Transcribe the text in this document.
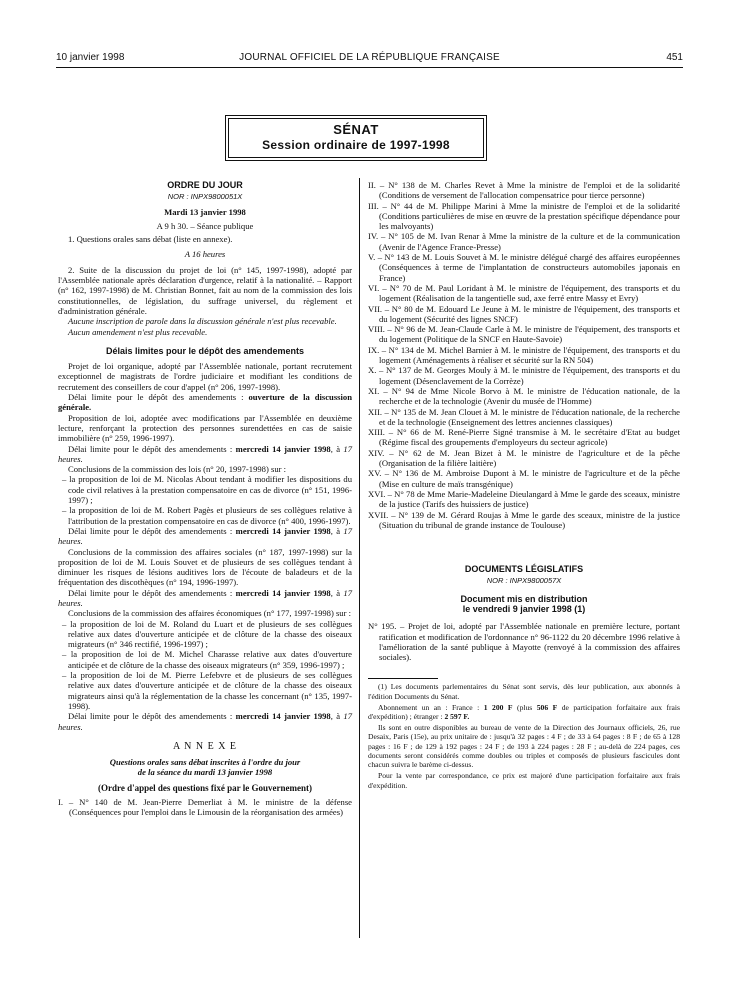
10 janvier 1998	JOURNAL OFFICIEL DE LA RÉPUBLIQUE FRANÇAISE	451
SÉNAT
Session ordinaire de 1997-1998

ORDRE DU JOUR

NOR : INPX9800051X

Mardi 13 janvier 1998

A 9 h 30. – Séance publique

1. Questions orales sans débat (liste en annexe).

A 16 heures

2. Suite de la discussion du projet de loi (n° 145, 1997-1998), adopté par l'Assemblée nationale après déclaration d'urgence, relatif à la nationalité. – Rapport (n° 162, 1997-1998) de M. Christian Bonnet, fait au nom de la commission des lois constitutionnelles, de législation, du suffrage universel, du règlement et d'administration générale.

Aucune inscription de parole dans la discussion générale n'est plus recevable.

Aucun amendement n'est plus recevable.

Délais limites pour le dépôt des amendements

Projet de loi organique, adopté par l'Assemblée nationale, portant recrutement exceptionnel de magistrats de l'ordre judiciaire et modifiant les conditions de recrutement des conseillers de cour d'appel (n° 206, 1997-1998).

Délai limite pour le dépôt des amendements : ouverture de la discussion générale.

Proposition de loi, adoptée avec modifications par l'Assemblée en deuxième lecture, renforçant la protection des personnes surendettées en cas de saisie immobilière (n° 259, 1996-1997).

Délai limite pour le dépôt des amendements : mercredi 14 janvier 1998, à 17 heures.

Conclusions de la commission des lois (n° 20, 1997-1998) sur :

– la proposition de loi de M. Nicolas About tendant à modifier les dispositions du code civil relatives à la prestation compensatoire en cas de divorce (n° 151, 1996-1997) ;

– la proposition de loi de M. Robert Pagès et plusieurs de ses collègues relative à l'attribution de la prestation compensatoire en cas de divorce (n° 400, 1996-1997).

Délai limite pour le dépôt des amendements : mercredi 14 janvier 1998, à 17 heures.

Conclusions de la commission des affaires sociales (n° 187, 1997-1998) sur la proposition de loi de M. Louis Souvet et de plusieurs de ses collègues tendant à diminuer les risques de lésions auditives lors de l'écoute de baladeurs et de la fréquentation des discothèques (n° 194, 1996-1997).

Délai limite pour le dépôt des amendements : mercredi 14 janvier 1998, à 17 heures.

Conclusions de la commission des affaires économiques (n° 177, 1997-1998) sur :

– la proposition de loi de M. Roland du Luart et de plusieurs de ses collègues relative aux dates d'ouverture anticipée et de clôture de la chasse des oiseaux migrateurs (n° 346 rectifié, 1996-1997) ;

– la proposition de loi de M. Michel Charasse relative aux dates d'ouverture anticipée et de clôture de la chasse des oiseaux migrateurs (n° 359, 1996-1997) ;

– la proposition de loi de M. Pierre Lefebvre et de plusieurs de ses collègues relative aux dates d'ouverture anticipée et de clôture de la chasse des oiseaux migrateurs ainsi qu'à la réglementation de la chasse les concernant (n° 135, 1997-1998).

Délai limite pour le dépôt des amendements : mercredi 14 janvier 1998, à 17 heures.

A N N E X E

Questions orales sans débat inscrites à l'ordre du jour

de la séance du mardi 13 janvier 1998

(Ordre d'appel des questions fixé par le Gouvernement)

I. – N° 140 de M. Jean-Pierre Demerliat à M. le ministre de la défense (Conséquences pour l'emploi dans le Limousin de la réorganisation des armées)

II. – N° 138 de M. Charles Revet à Mme la ministre de l'emploi et de la solidarité (Conditions de versement de l'allocation compensatrice pour tierce personne)

III. – N° 44 de M. Philippe Marini à Mme la ministre de l'emploi et de la solidarité (Conditions particulières de mise en œuvre de la prestation spécifique dépendance pour les malvoyants)

IV. – N° 105 de M. Ivan Renar à Mme la ministre de la culture et de la communication (Avenir de l'Agence France-Presse)

V. – N° 143 de M. Louis Souvet à M. le ministre délégué chargé des affaires européennes (Conséquences à terme de l'implantation de constructeurs automobiles japonais en France)

VI. – N° 70 de M. Paul Loridant à M. le ministre de l'équipement, des transports et du logement (Réalisation de la tangentielle sud, axe ferré entre Massy et Evry)

VII. – N° 80 de M. Edouard Le Jeune à M. le ministre de l'équipement, des transports et du logement (Sécurité des lignes SNCF)

VIII. – N° 96 de M. Jean-Claude Carle à M. le ministre de l'équipement, des transports et du logement (Politique de la SNCF en Haute-Savoie)

IX. – N° 134 de M. Michel Barnier à M. le ministre de l'équipement, des transports et du logement (Aménagements à réaliser et sécurité sur la RN 504)

X. – N° 137 de M. Georges Mouly à M. le ministre de l'équipement, des transports et du logement (Désenclavement de la Corrèze)

XI. – N° 94 de Mme Nicole Borvo à M. le ministre de l'éducation nationale, de la recherche et de la technologie (Avenir du musée de l'Homme)

XII. – N° 135 de M. Jean Clouet à M. le ministre de l'éducation nationale, de la recherche et de la technologie (Enseignement des lettres anciennes classiques)

XIII. – N° 66 de M. René-Pierre Signé transmise à M. le secrétaire d'Etat au budget (Régime fiscal des groupements d'employeurs du secteur agricole)

XIV. – N° 62 de M. Jean Bizet à M. le ministre de l'agriculture et de la pêche (Organisation de la filière laitière)

XV. – N° 136 de M. Ambroise Dupont à M. le ministre de l'agriculture et de la pêche (Mise en culture de maïs transgénique)

XVI. – N° 78 de Mme Marie-Madeleine Dieulangard à Mme le garde des sceaux, ministre de la justice (Tarifs des huissiers de justice)

XVII. – N° 139 de M. Gérard Roujas à Mme le garde des sceaux, ministre de la justice (Situation du tribunal de grande instance de Toulouse)

DOCUMENTS LÉGISLATIFS

NOR : INPX9800057X

Document mis en distribution

le vendredi 9 janvier 1998 (1)

N° 195. – Projet de loi, adopté par l'Assemblée nationale en première lecture, portant ratification et modification de l'ordonnance n° 96-1122 du 20 décembre 1996 relative à l'amélioration de la santé publique à Mayotte (renvoyé à la commission des affaires sociales).

(1) Les documents parlementaires du Sénat sont servis, dès leur publication, aux abonnés à l'édition Documents du Sénat.

Abonnement un an : France : 1 200 F (plus 506 F de participation forfaitaire aux frais d'expédition) ; étranger : 2 597 F.

Ils sont en outre disponibles au bureau de vente de la Direction des Journaux officiels, 26, rue Desaix, Paris (15e), au prix unitaire de : jusqu'à 32 pages : 4 F ; de 33 à 64 pages : 8 F ; de 65 à 128 pages : 16 F ; de 129 à 192 pages : 24 F ; de 193 à 224 pages : 28 F ; au-delà de 224 pages, ces documents seront considérés comme doubles ou triples et composés de plusieurs fascicules dont chacun suivra le barème ci-dessus.

Pour la vente par correspondance, ce prix est majoré d'une participation forfaitaire aux frais d'expédition.
